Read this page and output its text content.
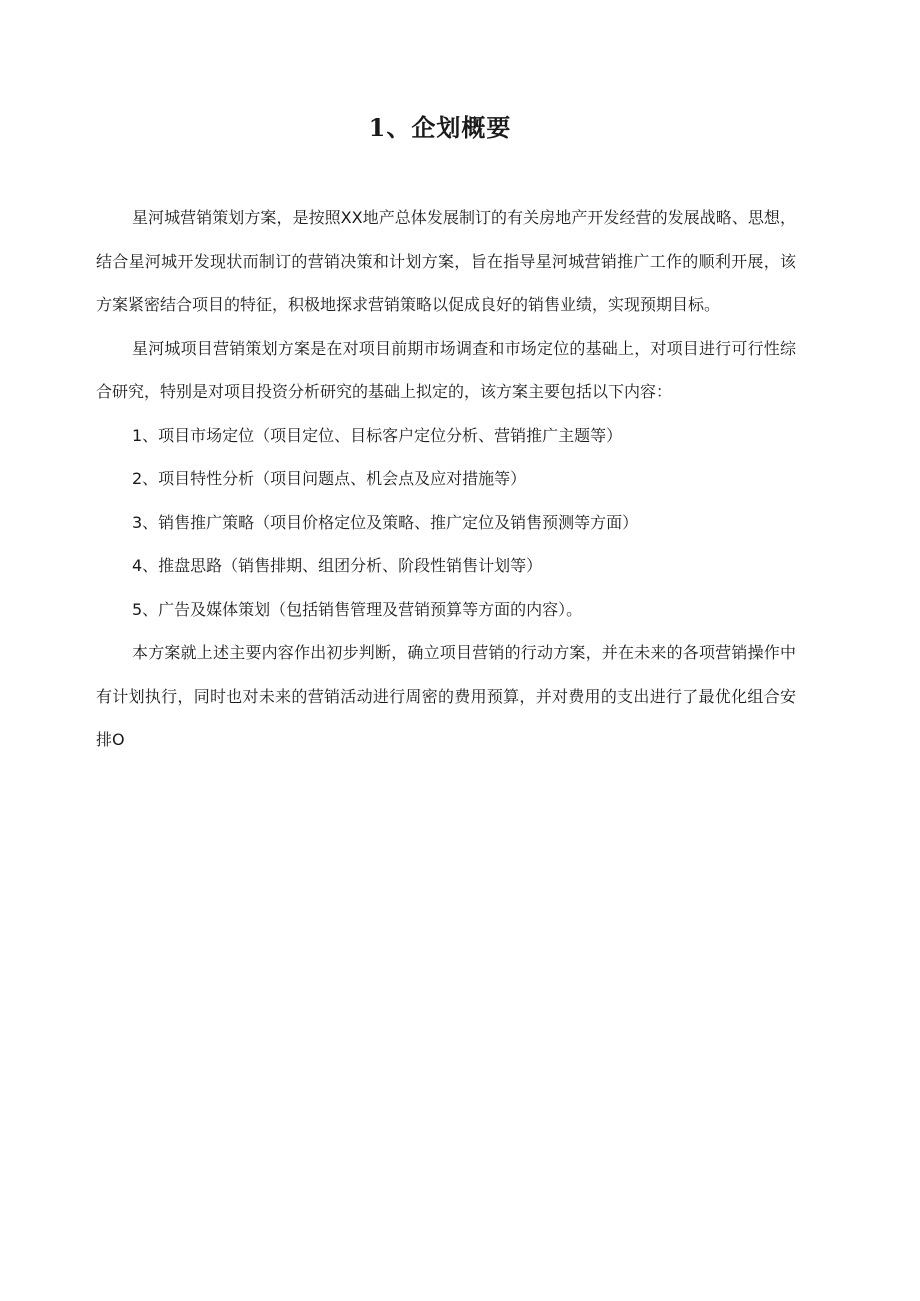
1、企划概要

星河城营销策划方案，是按照XX地产总体发展制订的有关房地产开发经营的发展战略、思想，结合星河城开发现状而制订的营销决策和计划方案，旨在指导星河城营销推广工作的顺利开展，该方案紧密结合项目的特征，积极地探求营销策略以促成良好的销售业绩，实现预期目标。

星河城项目营销策划方案是在对项目前期市场调查和市场定位的基础上，对项目进行可行性综合研究，特别是对项目投资分析研究的基础上拟定的，该方案主要包括以下内容：

1、项目市场定位（项目定位、目标客户定位分析、营销推广主题等）

2、项目特性分析（项目问题点、机会点及应对措施等）

3、销售推广策略（项目价格定位及策略、推广定位及销售预测等方面）

4、推盘思路（销售排期、组团分析、阶段性销售计划等）

5、广告及媒体策划（包括销售管理及营销预算等方面的内容）。

本方案就上述主要内容作出初步判断，确立项目营销的行动方案，并在未来的各项营销操作中有计划执行，同时也对未来的营销活动进行周密的费用预算，并对费用的支出进行了最优化组合安排O
